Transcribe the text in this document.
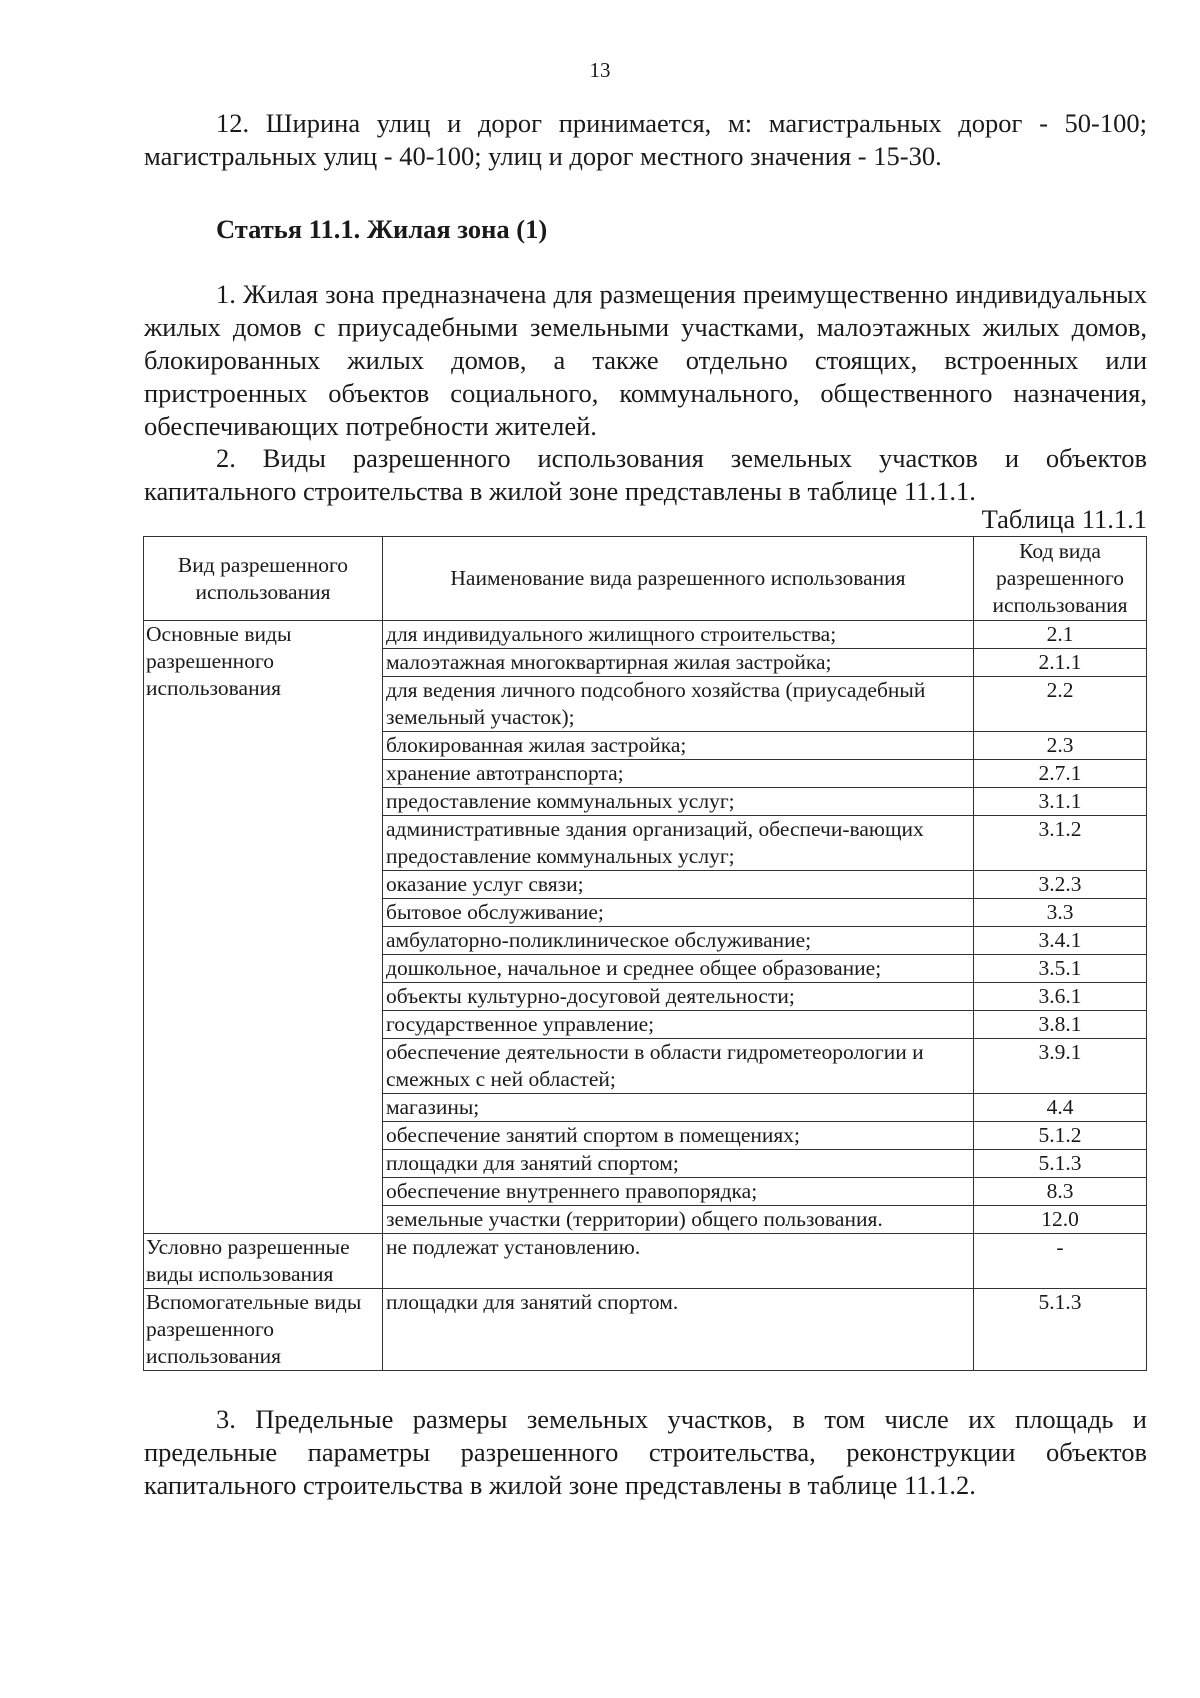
13

12. Ширина улиц и дорог принимается, м: магистральных дорог - 50-100; магистральных улиц - 40-100; улиц и дорог местного значения - 15-30.

Статья 11.1. Жилая зона (1)

1. Жилая зона предназначена для размещения преимущественно индивидуальных жилых домов с приусадебными земельными участками, малоэтажных жилых домов, блокированных жилых домов, а также отдельно стоящих, встроенных или пристроенных объектов социального, коммунального, общественного назначения, обеспечивающих потребности жителей.

2. Виды разрешенного использования земельных участков и объектов капитального строительства в жилой зоне представлены в таблице 11.1.1.

Таблица 11.1.1
Вид разрешенного использования	Наименование вида разрешенного использования	Код вида разрешенного использования
Основные виды разрешенного использования	для индивидуального жилищного строительства;	2.1
	малоэтажная многоквартирная жилая застройка;	2.1.1
	для ведения личного подсобного хозяйства (приусадебный земельный участок);	2.2
	блокированная жилая застройка;	2.3
	хранение автотранспорта;	2.7.1
	предоставление коммунальных услуг;	3.1.1
	административные здания организаций, обеспечи-вающих предоставление коммунальных услуг;	3.1.2
	оказание услуг связи;	3.2.3
	бытовое обслуживание;	3.3
	амбулаторно-поликлиническое обслуживание;	3.4.1
	дошкольное, начальное и среднее общее образование;	3.5.1
	объекты культурно-досуговой деятельности;	3.6.1
	государственное управление;	3.8.1
	обеспечение деятельности в области гидрометеорологии и смежных с ней областей;	3.9.1
	магазины;	4.4
	обеспечение занятий спортом в помещениях;	5.1.2
	площадки для занятий спортом;	5.1.3
	обеспечение внутреннего правопорядка;	8.3
	земельные участки (территории) общего пользования.	12.0
Условно разрешенные виды использования	не подлежат установлению.	-
Вспомогательные виды разрешенного использования	площадки для занятий спортом.	5.1.3

3. Предельные размеры земельных участков, в том числе их площадь и предельные параметры разрешенного строительства, реконструкции объектов капитального строительства в жилой зоне представлены в таблице 11.1.2.
